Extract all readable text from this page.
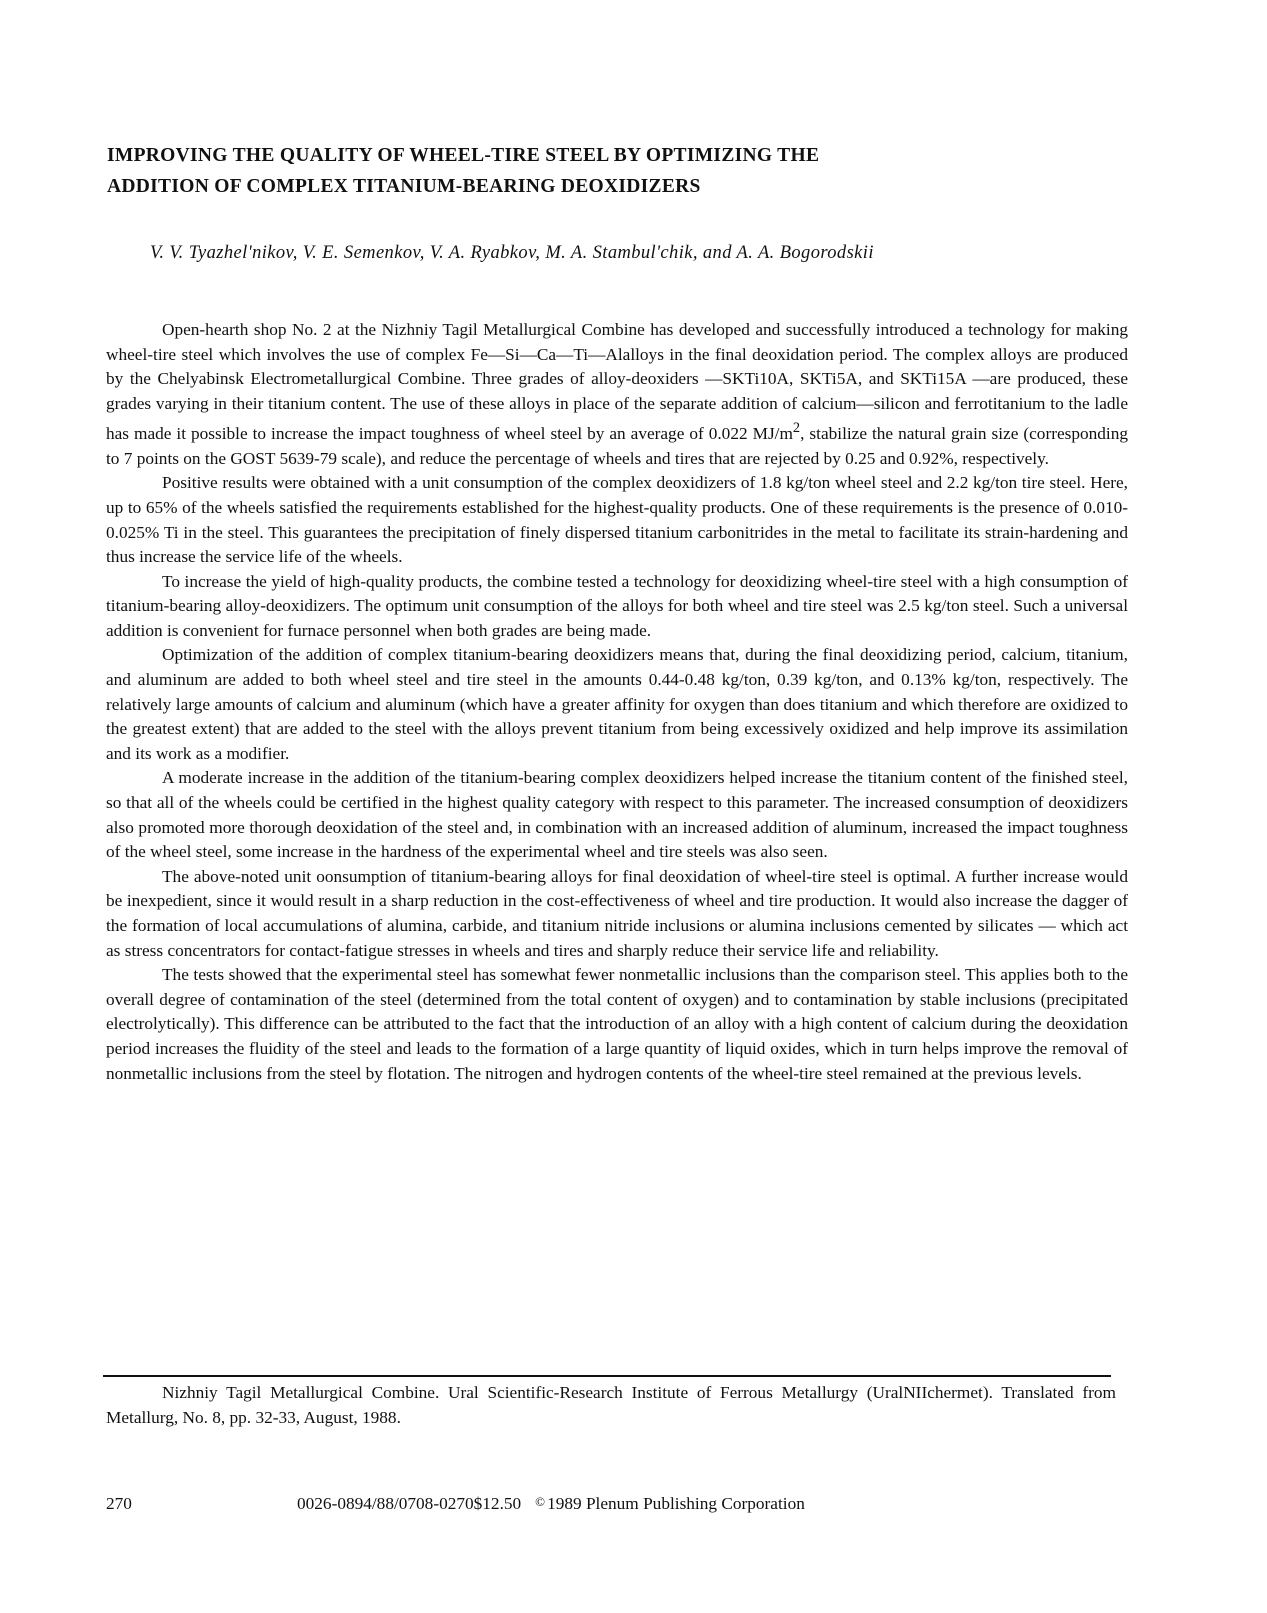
IMPROVING THE QUALITY OF WHEEL-TIRE STEEL BY OPTIMIZING THE
ADDITION OF COMPLEX TITANIUM-BEARING DEOXIDIZERS
V. V. Tyazhel'nikov, V. E. Semenkov, V. A. Ryabkov, M. A. Stambul'chik, and A. A. Bogorodskii

Open-hearth shop No. 2 at the Nizhniy Tagil Metallurgical Combine has developed and successfully introduced a technology for making wheel-tire steel which involves the use of complex Fe—Si—Ca—Ti—Alalloys in the final deoxidation period. The complex alloys are produced by the Chelyabinsk Electrometallurgical Combine. Three grades of alloy-deoxiders —SKTi10A, SKTi5A, and SKTi15A —are produced, these grades varying in their titanium content. The use of these alloys in place of the separate addition of calcium—silicon and ferrotitanium to the ladle has made it possible to increase the impact toughness of wheel steel by an average of 0.022 $MJ/m^2$, stabilize the natural grain size (corresponding to 7 points on the GOST 5639-79 scale), and reduce the percentage of wheels and tires that are rejected by 0.25 and 0.92%, respectively.

Positive results were obtained with a unit consumption of the complex deoxidizers of 1.8 kg/ton wheel steel and 2.2 kg/ton tire steel. Here, up to 65% of the wheels satisfied the requirements established for the highest-quality products. One of these requirements is the presence of 0.010-0.025% Ti in the steel. This guarantees the precipitation of finely dispersed titanium carbonitrides in the metal to facilitate its strain-hardening and thus increase the service life of the wheels.

To increase the yield of high-quality products, the combine tested a technology for deoxidizing wheel-tire steel with a high consumption of titanium-bearing alloy-deoxidizers. The optimum unit consumption of the alloys for both wheel and tire steel was 2.5 kg/ton steel. Such a universal addition is convenient for furnace personnel when both grades are being made.

Optimization of the addition of complex titanium-bearing deoxidizers means that, during the final deoxidizing period, calcium, titanium, and aluminum are added to both wheel steel and tire steel in the amounts 0.44-0.48 kg/ton, 0.39 kg/ton, and 0.13% kg/ton, respectively. The relatively large amounts of calcium and aluminum (which have a greater affinity for oxygen than does titanium and which therefore are oxidized to the greatest extent) that are added to the steel with the alloys prevent titanium from being excessively oxidized and help improve its assimilation and its work as a modifier.

A moderate increase in the addition of the titanium-bearing complex deoxidizers helped increase the titanium content of the finished steel, so that all of the wheels could be certified in the highest quality category with respect to this parameter. The increased consumption of deoxidizers also promoted more thorough deoxidation of the steel and, in combination with an increased addition of aluminum, increased the impact toughness of the wheel steel, some increase in the hardness of the experimental wheel and tire steels was also seen.

The above-noted unit oonsumption of titanium-bearing alloys for final deoxidation of wheel-tire steel is optimal. A further increase would be inexpedient, since it would result in a sharp reduction in the cost-effectiveness of wheel and tire production. It would also increase the dagger of the formation of local accumulations of alumina, carbide, and titanium nitride inclusions or alumina inclusions cemented by silicates — which act as stress concentrators for contact-fatigue stresses in wheels and tires and sharply reduce their service life and reliability.

The tests showed that the experimental steel has somewhat fewer nonmetallic inclusions than the comparison steel. This applies both to the overall degree of contamination of the steel (determined from the total content of oxygen) and to contamination by stable inclusions (precipitated electrolytically). This difference can be attributed to the fact that the introduction of an alloy with a high content of calcium during the deoxidation period increases the fluidity of the steel and leads to the formation of a large quantity of liquid oxides, which in turn helps improve the removal of nonmetallic inclusions from the steel by flotation. The nitrogen and hydrogen contents of the wheel-tire steel remained at the previous levels.

Nizhniy Tagil Metallurgical Combine. Ural Scientific-Research Institute of Ferrous Metallurgy (UralNIIchermet). Translated from Metallurg, No. 8, pp. 32-33, August, 1988.
270	0026-0894/88/0708-0270$12.50 © 1989 Plenum Publishing Corporation
